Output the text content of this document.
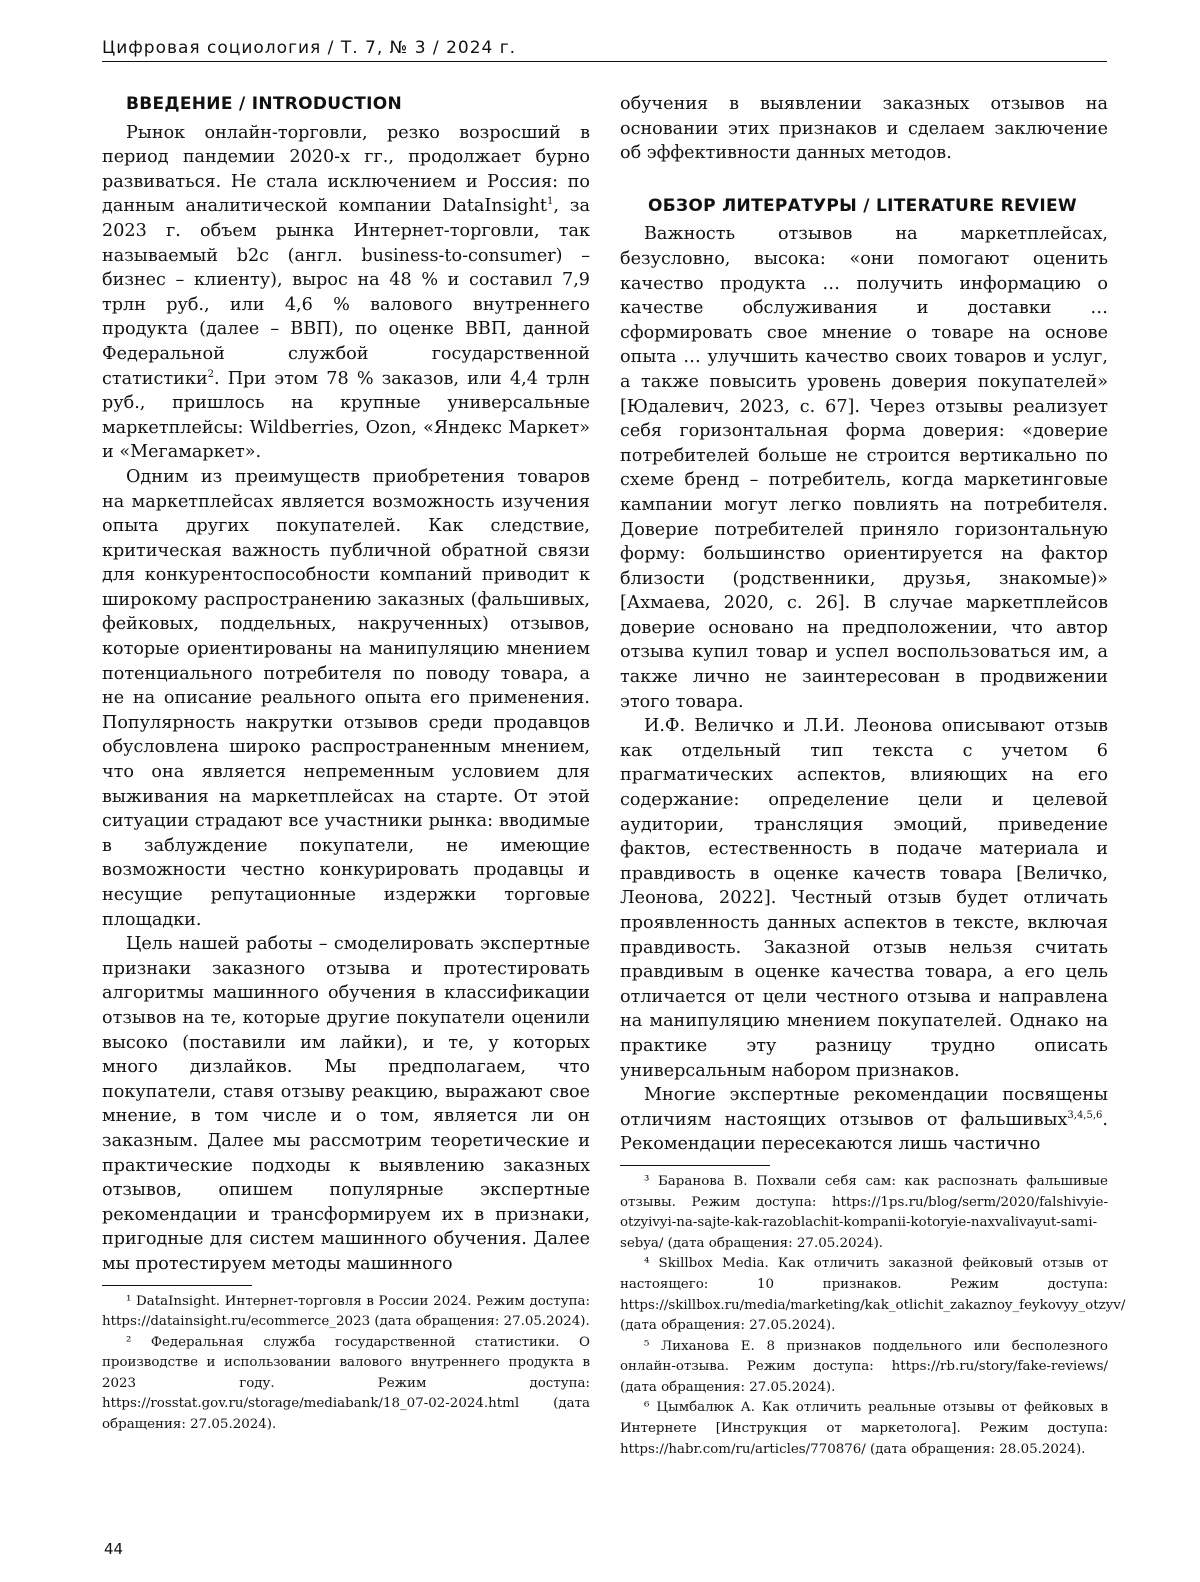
Цифровая социология / Т. 7, № 3 / 2024 г.
ВВЕДЕНИЕ / INTRODUCTION

Рынок онлайн-торговли, резко возросший в период пандемии 2020-х гг., продолжает бурно развиваться. Не стала исключением и Россия: по данным аналитической компании DataInsight$^1$, за 2023 г. объем рынка Интернет-торговли, так называемый b2c (англ. business-to-consumer) – бизнес – клиенту), вырос на 48 % и составил 7,9 трлн руб., или 4,6 % валового внутреннего продукта (далее – ВВП), по оценке ВВП, данной Федеральной службой государственной статистики$^2$. При этом 78 % заказов, или 4,4 трлн руб., пришлось на крупные универсальные маркетплейсы: Wildberries, Ozon, «Яндекс Маркет» и «Мегамаркет».

Одним из преимуществ приобретения товаров на маркетплейсах является возможность изучения опыта других покупателей. Как следствие, критическая важность публичной обратной связи для конкурентоспособности компаний приводит к широкому распространению заказных (фальшивых, фейковых, поддельных, накрученных) отзывов, которые ориентированы на манипуляцию мнением потенциального потребителя по поводу товара, а не на описание реального опыта его применения. Популярность накрутки отзывов среди продавцов обусловлена широко распространенным мнением, что она является непременным условием для выживания на маркетплейсах на старте. От этой ситуации страдают все участники рынка: вводимые в заблуждение покупатели, не имеющие возможности честно конкурировать продавцы и несущие репутационные издержки торговые площадки.

Цель нашей работы – смоделировать экспертные признаки заказного отзыва и протестировать алгоритмы машинного обучения в классификации отзывов на те, которые другие покупатели оценили высоко (поставили им лайки), и те, у которых много дизлайков. Мы предполагаем, что покупатели, ставя отзыву реакцию, выражают свое мнение, в том числе и о том, является ли он заказным. Далее мы рассмотрим теоретические и практические подходы к выявлению заказных отзывов, опишем популярные экспертные рекомендации и трансформируем их в признаки, пригодные для систем машинного обучения. Далее мы протестируем методы машинного

¹ DataInsight. Интернет-торговля в России 2024. Режим доступа: https://datainsight.ru/ecommerce_2023 (дата обращения: 27.05.2024).

² Федеральная служба государственной статистики. О производстве и использовании валового внутреннего продукта в 2023 году. Режим доступа: https://rosstat.gov.ru/storage/mediabank/18_07-02-2024.html (дата обращения: 27.05.2024).

обучения в выявлении заказных отзывов на основании этих признаков и сделаем заключение об эффективности данных методов.

ОБЗОР ЛИТЕРАТУРЫ / LITERATURE REVIEW

Важность отзывов на маркетплейсах, безусловно, высока: «они помогают оценить качество продукта … получить информацию о качестве обслуживания и доставки … сформировать свое мнение о товаре на основе опыта … улучшить качество своих товаров и услуг, а также повысить уровень доверия покупателей» [Юдалевич, 2023, с. 67]. Через отзывы реализует себя горизонтальная форма доверия: «доверие потребителей больше не строится вертикально по схеме бренд – потребитель, когда маркетинговые кампании могут легко повлиять на потребителя. Доверие потребителей приняло горизонтальную форму: большинство ориентируется на фактор близости (родственники, друзья, знакомые)» [Ахмаева, 2020, с. 26]. В случае маркетплейсов доверие основано на предположении, что автор отзыва купил товар и успел воспользоваться им, а также лично не заинтересован в продвижении этого товара.

И.Ф. Величко и Л.И. Леонова описывают отзыв как отдельный тип текста с учетом 6 прагматических аспектов, влияющих на его содержание: определение цели и целевой аудитории, трансляция эмоций, приведение фактов, естественность в подаче материала и правдивость в оценке качеств товара [Величко, Леонова, 2022]. Честный отзыв будет отличать проявленность данных аспектов в тексте, включая правдивость. Заказной отзыв нельзя считать правдивым в оценке качества товара, а его цель отличается от цели честного отзыва и направлена на манипуляцию мнением покупателей. Однако на практике эту разницу трудно описать универсальным набором признаков.

Многие экспертные рекомендации посвящены отличиям настоящих отзывов от фальшивых$^{3,4,5,6}$. Рекомендации пересекаются лишь частично

³ Баранова В. Похвали себя сам: как распознать фальшивые отзывы. Режим доступа: https://1ps.ru/blog/serm/2020/falshivyie-otzyivyi-na-sajte-kak-razoblachit-kompanii-kotoryie-naxvalivayut-sami-sebya/ (дата обращения: 27.05.2024).

⁴ Skillbox Media. Как отличить заказной фейковый отзыв от настоящего: 10 признаков. Режим доступа: https://skillbox.ru/media/marketing/kak_otlichit_zakaznoy_feykovyy_otzyv/ (дата обращения: 27.05.2024).

⁵ Лиханова Е. 8 признаков поддельного или бесполезного онлайн-отзыва. Режим доступа: https://rb.ru/story/fake-reviews/ (дата обращения: 27.05.2024).

⁶ Цымбалюк А. Как отличить реальные отзывы от фейковых в Интернете [Инструкция от маркетолога]. Режим доступа: https://habr.com/ru/articles/770876/ (дата обращения: 28.05.2024).

44
